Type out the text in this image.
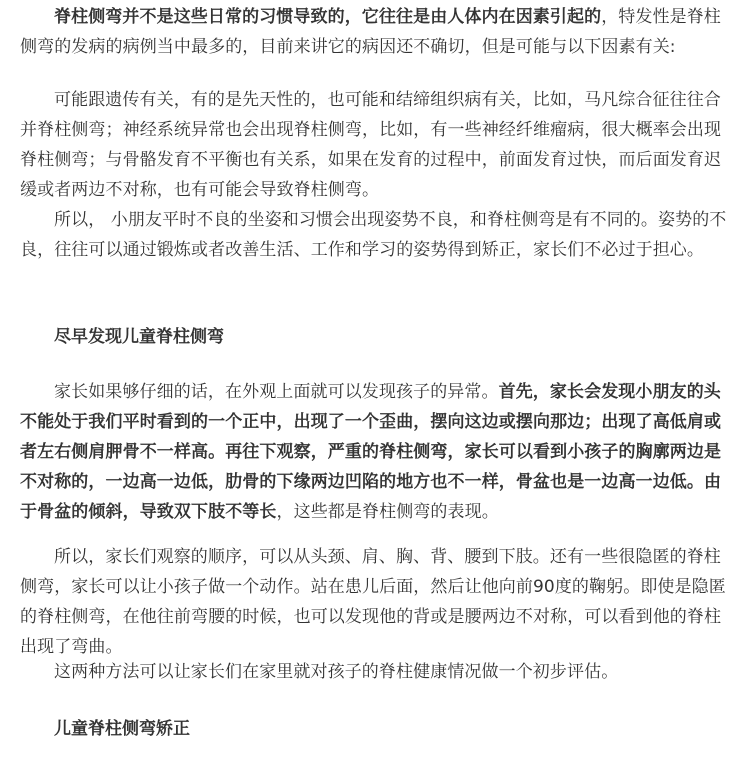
脊柱侧弯并不是这些日常的习惯导致的，它往往是由人体内在因素引起的，特发性是脊柱侧弯的发病的病例当中最多的，目前来讲它的病因还不确切，但是可能与以下因素有关:

可能跟遗传有关，有的是先天性的，也可能和结缔组织病有关，比如，马凡综合征往往合并脊柱侧弯；神经系统异常也会出现脊柱侧弯，比如，有一些神经纤维瘤病，很大概率会出现脊柱侧弯；与骨骼发育不平衡也有关系，如果在发育的过程中，前面发育过快，而后面发育迟缓或者两边不对称，也有可能会导致脊柱侧弯。

所以， 小朋友平时不良的坐姿和习惯会出现姿势不良，和脊柱侧弯是有不同的。姿势的不良，往往可以通过锻炼或者改善生活、工作和学习的姿势得到矫正，家长们不必过于担心。

尽早发现儿童脊柱侧弯

家长如果够仔细的话，在外观上面就可以发现孩子的异常。首先，家长会发现小朋友的头不能处于我们平时看到的一个正中，出现了一个歪曲，摆向这边或摆向那边；出现了高低肩或者左右侧肩胛骨不一样高。再往下观察，严重的脊柱侧弯，家长可以看到小孩子的胸廓两边是不对称的，一边高一边低，肋骨的下缘两边凹陷的地方也不一样，骨盆也是一边高一边低。由于骨盆的倾斜，导致双下肢不等长，这些都是脊柱侧弯的表现。

所以，家长们观察的顺序，可以从头颈、肩、胸、背、腰到下肢。还有一些很隐匿的脊柱侧弯，家长可以让小孩子做一个动作。站在患儿后面，然后让他向前90度的鞠躬。即使是隐匿的脊柱侧弯，在他往前弯腰的时候，也可以发现他的背或是腰两边不对称，可以看到他的脊柱出现了弯曲。

这两种方法可以让家长们在家里就对孩子的脊柱健康情况做一个初步评估。

儿童脊柱侧弯矫正
